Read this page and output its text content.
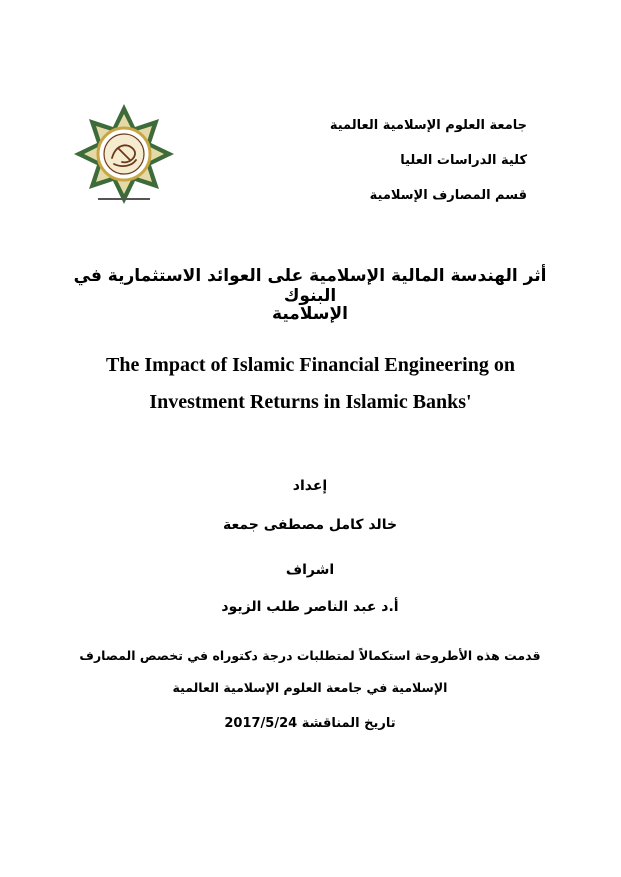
جامعة العلوم الإسلامية العالمية
كلية الدراسات العليا
قسم المصارف الإسلامية
أثر الهندسة المالية الإسلامية على العوائد الاستثمارية في البنوك
الإسلامية
The Impact of Islamic Financial Engineering on
Investment Returns in Islamic Banks'
إعداد
خالد كامل مصطفى جمعة
اشراف
أ.د عبد الناصر طلب الزيود
قدمت هذه الأطروحة استكمالاً لمتطلبات درجة دكتوراه في تخصص المصارف
الإسلامية في جامعة العلوم الإسلامية العالمية
تاريخ المناقشة 2017/5/24
